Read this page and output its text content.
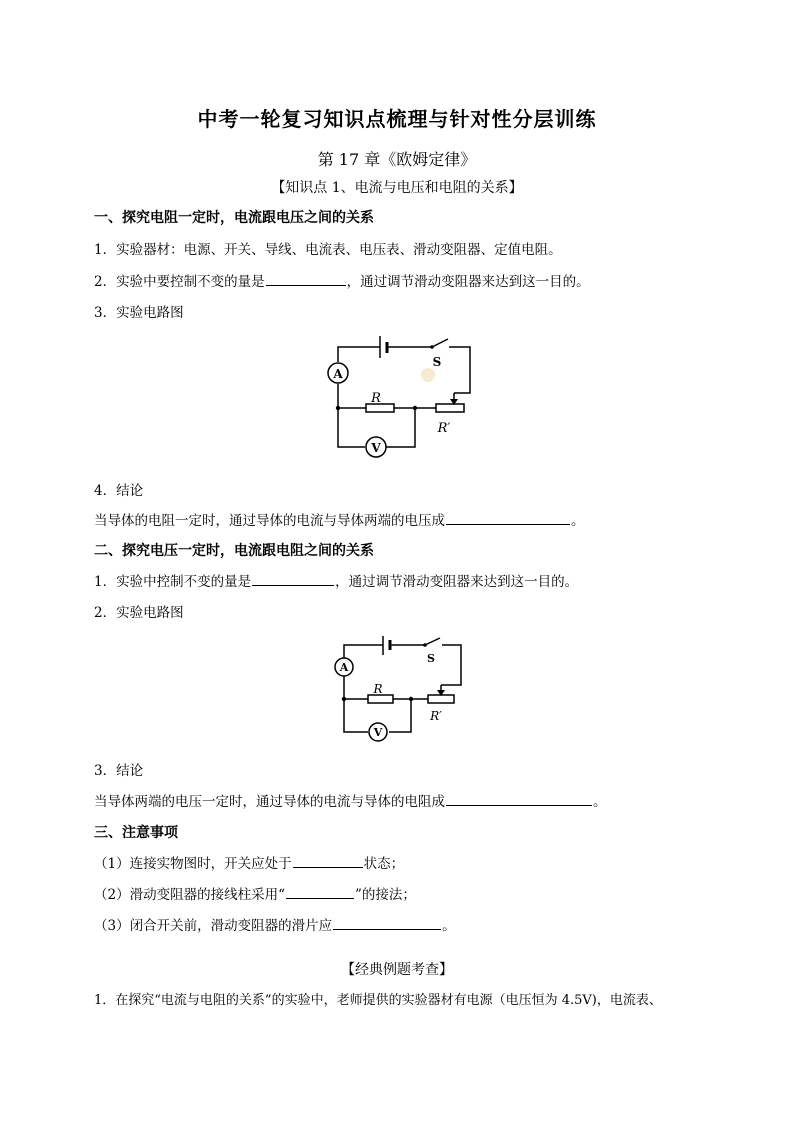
中考一轮复习知识点梳理与针对性分层训练
第 17 章《欧姆定律》
【知识点 1、电流与电压和电阻的关系】
一、探究电阻一定时，电流跟电压之间的关系
1．实验器材：电源、开关、导线、电流表、电压表、滑动变阻器、定值电阻。
2．实验中要控制不变的量是	，通过调节滑动变阻器来达到这一目的。
3．实验电路图
A
V
S
R
R′
4．结论
当导体的电阻一定时，通过导体的电流与导体两端的电压成	。
二、探究电压一定时，电流跟电阻之间的关系
1．实验中控制不变的量是	，通过调节滑动变阻器来达到这一目的。
2．实验电路图
A
V
S
R
R′
3．结论
当导体两端的电压一定时，通过导体的电流与导体的电阻成	。
三、注意事项
（1）连接实物图时，开关应处于	状态；
（2）滑动变阻器的接线柱采用“	”的接法；
（3）闭合开关前，滑动变阻器的滑片应	。
【经典例题考查】
1．在探究“电流与电阻的关系”的实验中，老师提供的实验器材有电源（电压恒为 4.5V)，电流表、
